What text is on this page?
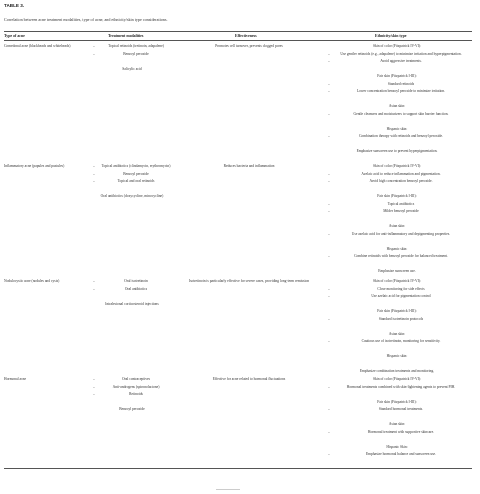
TABLE 3.
Correlation between acne treatment modalities, type of acne, and ethnicity/skin type considerations.
Type of acne	Treatment modalities	Effectiveness	Ethnicity/skin type
Comedonal acne (blackheads and whiteheads)	– Topical retinoids (tretinoin, adapalene)
– Benzoyl peroxide
Salicylic acid
Promotes cell turnover, prevents clogged pores	Skin of color (Fitzpatrick IV-VI):
– Use gentler retinoids (e.g., adapalene) to minimize irritation and hyperpigmentation.
– Avoid aggressive treatments.
Fair skin (Fitzpatrick I-III):
– Standard retinoids
– Lower concentration benzoyl peroxide to minimize irritation.
Asian skin:
– Gentle cleansers and moisturizers to support skin barrier function.
Hispanic skin:
– Combination therapy with retinoids and benzoyl peroxide.
Emphasize sunscreen use to prevent hyperpigmentation.
Inflammatory acne (papules and pustules)	– Topical antibiotics (clindamycin, erythromycin)
– Benzoyl peroxide
– Topical and oral retinoids
Oral antibiotics (doxycycline, minocycline)
Reduces bacteria and inflammation	Skin of color (Fitzpatrick IV-VI):
– Azelaic acid to reduce inflammation and pigmentation.
– Avoid high concentration benzoyl peroxide.
Fair skin (Fitzpatrick I-III):
– Topical antibiotics
– Milder benzoyl peroxide
Asian skin:
– Use azelaic acid for anti-inflammatory and depigmenting properties.
Hispanic skin:
– Combine retinoids with benzoyl peroxide for balanced treatment.
Emphasize sunscreen use.
Nodulocystic acne (nodules and cysts)	– Oral isotretinoin
– Oral antibiotics
Intralesional corticosteroid injections
Isotretinoin is particularly effective for severe cases, providing long-term remission	Skin of color (Fitzpatrick IV-VI):
– Close monitoring for side effects
– Use azelaic acid for pigmentation control
Fair skin (Fitzpatrick I-III):
– Standard isotretinoin protocols
Asian skin:
– Cautious use of isotretinoin, monitoring for sensitivity.
Hispanic skin:
Emphasize combination treatments and monitoring.
Hormonal acne	– Oral contraceptives
– Anti-androgens (spironolactone)
– Retinoids
Benzoyl peroxide
Effective for acne related to hormonal fluctuations	Skin of color (Fitzpatrick IV-VI):
– Hormonal treatments combined with skin-lightening agents to prevent PIH.
Fair skin (Fitzpatrick I-III):
– Standard hormonal treatments.
Asian skin:
– Hormonal treatment with supportive skincare.
Hispanic Skin:
– Emphasize hormonal balance and sunscreen use.
